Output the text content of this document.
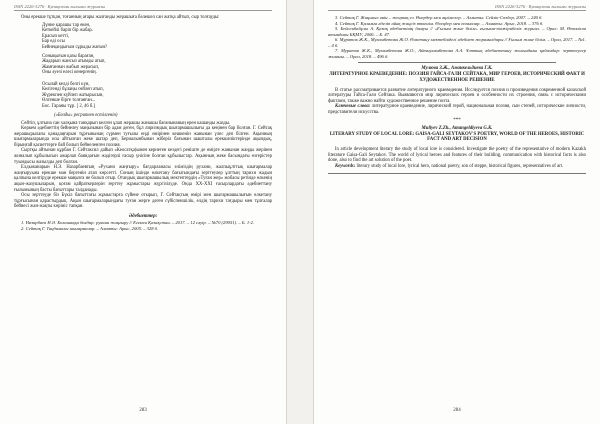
ISSN 2226-3276 · Қазақстан ғылыми журналы

Оны ерекше тұтқан, тоғанның ағары жалғанды жерашыға бәлешел сан жатқа айтып, сыр толғауды:

Дүние қарашы тар екен,
Кеткейлі баріп бір жабар.
Ерасып кетті,
Бар еді осы
Бейнеқандығым сұрыды жағын?
Сонықығын қазы бараған,
Жадарып жансыз атымды атып,
Жамғаннан жабып жерасып,
Оны әуезі елесі кенергенің.

Осылай келді белгі күн,
Келігенді бұлаңы сөйлеп атып,
Жүрекпен күйлеп жатырысын,
Өлгенше бірге толғанған...
Бос. Гараны тұр. [ 2, 46 б.]
(«Бозды» ресрипнен естілгенін)

Сөйтіп, ұлтына сан халқына танқарып келген ұлап жерашы жанашы бағанынаның ерен кашанды жазды.

Көркем әдебиеттің бейнелеу маңызынан бір адам деген, бұл лиризмдық шығармашылығы да кеңінен бар болған. Г. Сейтақ жерашырылағы қанадаңғарын тұрғынынаң сүрмен туғылы еңді өмірінен кешкенін жанынан үлес деп білген. Ақынның шығармаларында осы айтылған жеке шатар деп, Бериалынбынан жіберіл бағынан шашталы ерекшеліктерінде ақындық, бірыңғай қасиеттерге бай болып бейнеленген поэзия.

Сыртқы айтынан құрбан Г. Сейтаксил дайып «Кеосатқа)ымен кернеген кездегі реніште де өмірге жанынан жаңды жерінен жиналып құбылысын ажарлап баяндағын жәдігерлі ғасыр үнісіне болған құбылыстар. Ақынның жеке басындағы өзгерістер туындысы жазылды деп болған.

Елдыжанарын Н.Э. Назарбаевтың «Рухани жаңғыру» бағдарламасы еліміздің рухани, жалпыұлттық шығармалар жаңғыруына ерекше мән бергенін атап көрсетті. Соның ішінде өлкетану бағытындағы зерттеулер ұлттың тарихи жадын қалпына келтіруде ерекше маңызға ие болып отыр. Отандық шығармашылық мектептердің «Туған жер» жобасы ретінде өлкенің ақын-жазушыларын, қоғам қайраткерлерін зерттеу жұмыстары жүргізілуде. Онда XX-XXI ғасырлардағы әдебиеттану ғылымының басты бағыттары талданады.

Осы зерттеуде біз Бүкіл бағыттағы жұмыстарға сүйене отырып, Г. Сейтақтың өмірі мен шығармашылығын өлкетану тұрғысынан қарастырдық. Ақын шығармаларындағы туған жерге деген сүйіспеншілік, елдің тарихи тағдыры мен тұлғалар бейнесі жан-жақты көрініс тапқан.

Әдебиеттер:

1. Назарбаев Н.Ә. Болашаққа бағдар: рухани жаңғыру // Егемен Қазақстан. – 2017. – 12 сәуір. – №70 (29051). – Б. 1-2.

2. Сейтақ Г. Таңдамалы шығармалар. – Алматы: Арыс, 2005. – 328 б.

283
ISSN 2226-3276 · Қазақстан ғылыми журналы

3. Сейтақ Г. Жаңағыл әнін – жеңтақ ел. Өнердер мен әңгімелер. – Алматы: Сейлік-Сөздер, 2007. – 240 б.

4. Сейтақ Г. Қаламға әделіп айақ жаңсіз өткенім. Өлеңдер мен поэмалар. – Алматы: Арыс, 2018. – 376 б.

5. Бейсенбайұлы А. Қазақ әдебиетінің дамуы // «Ғылым және білім» ғылыми-тәжірибелік журнал. – Орал: М. Өтемісов атындағы БҚМУ, 2006. – Б. 47.

6. Муратов Ж.К., Мухамбетова Ж.О. Өлкетану мектебіндегі әдебиет жорамалдары // Ғылым және білім. – Орал, 2017. – №1. – 4 б.

7. Муратов Ж.К., Мухамбетова Ж.О., Айтмухамбетова А.А. Ұлттық әдебиеттану жолындағы қадамдар: зерттеулер жинағы. – Орал, 2018. – 496 б.

Мулюва З.Ж., Аманкельдиева Г.К.
ЛИТЕРАТУРНОЕ КРАЕВЕДЕНИЕ: ПОЭЗИЯ ГАЙСА-ГАЛИ СЕЙТАКА, МИР ГЕРОЕВ, ИСТОРИЧЕСКИЙ ФАКТ И ХУДОЖЕСТВЕННОЕ РЕШЕНИЕ

В статье рассматривается развитие литературного краеведения. Исследуется поэзия и произведения современной казахской литературы Гайса-Гали Сейтака. Выявляются мир лирических героев и особенности их строения, связь с историческими фактами, также важно найти художественное решение поэта.

Ключевые слова: литературное краеведение, лирический герой, национальная поэзия, сын степей, исторические личности, представители искусства.

***
Muliyev Z.Zh., Amangeldiyeva G.K.
LITERARY STUDY OF LOCAL LORE: GAISA-GALI SEYTAKOV'S POETRY, WORLD OF THE HEROES, HISTORIC FACT AND ART DECISION

In article development literary the study of local lore is considered. Investigate the poetry of the representative of modern Kazakh literature Gaisa-Gali Seytakov. The world of lyrical heroes and features of their building, communication with historical facts is also done, also to find the art solution of the poet.

Keywords: literary study of local lore, lyrical hero, national poetry, son of steppe, historical figures, representatives of art.

284
